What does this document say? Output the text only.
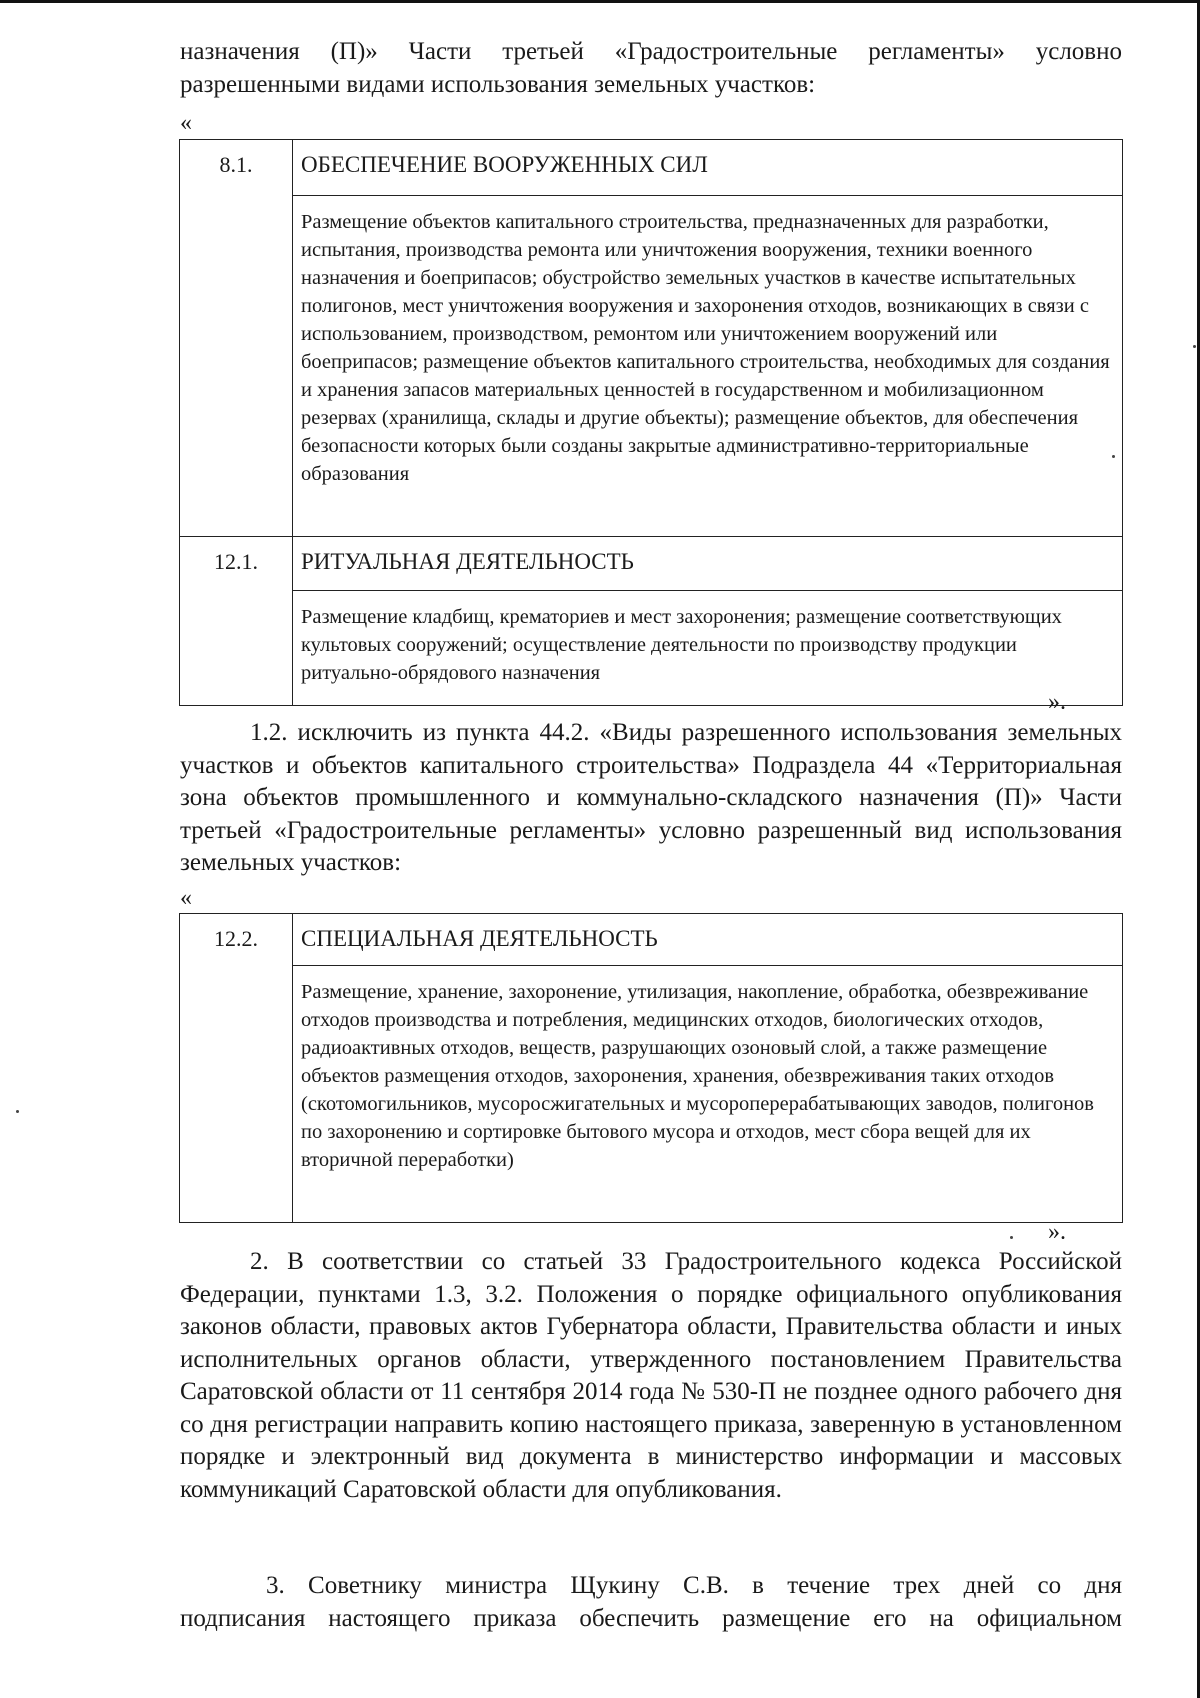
назначения (П)» Части третьей «Градостроительные регламенты» условно

разрешенными видами использования земельных участков:

«
8.1.	ОБЕСПЕЧЕНИЕ ВООРУЖЕННЫХ СИЛ
	Размещение объектов капитального строительства, предназначенных для разработки, испытания, производства ремонта или уничтожения вооружения, техники военного назначения и боеприпасов; обустройство земельных участков в качестве испытательных полигонов, мест уничтожения вооружения и захоронения отходов, возникающих в связи с использованием, производством, ремонтом или уничтожением вооружений или боеприпасов; размещение объектов капитального строительства, необходимых для создания и хранения запасов материальных ценностей в государственном и мобилизационном резервах (хранилища, склады и другие объекты); размещение объектов, для обеспечения безопасности которых были созданы закрытые административно-территориальные образования
12.1.	РИТУАЛЬНАЯ ДЕЯТЕЛЬНОСТЬ
	Размещение кладбищ, крематориев и мест захоронения; размещение соответствующих культовых сооружений; осуществление деятельности по производству продукции ритуально-обрядового назначения
».

1.2. исключить из пункта 44.2. «Виды разрешенного использования земельных участков и объектов капитального строительства» Подраздела 44 «Территориальная зона объектов промышленного и коммунально-складского назначения (П)» Части третьей «Градостроительные регламенты» условно разрешенный вид использования земельных участков:

«
12.2.	СПЕЦИАЛЬНАЯ ДЕЯТЕЛЬНОСТЬ
Размещение, хранение, захоронение, утилизация, накопление, обработка, обезвреживание отходов производства и потребления, медицинских отходов, биологических отходов, радиоактивных отходов, веществ, разрушающих озоновый слой, а также размещение объектов размещения отходов, захоронения, хранения, обезвреживания таких отходов (скотомогильников, мусоросжигательных и мусороперерабатывающих заводов, полигонов по захоронению и сортировке бытового мусора и отходов, мест сбора вещей для их вторичной переработки)
».

2. В соответствии со статьей 33 Градостроительного кодекса Российской Федерации, пунктами 1.3, 3.2. Положения о порядке официального опубликования законов области, правовых актов Губернатора области, Правительства области и иных исполнительных органов области, утвержденного постановлением Правительства Саратовской области от 11 сентября 2014 года № 530-П не позднее одного рабочего дня со дня регистрации направить копию настоящего приказа, заверенную в установленном порядке и электронный вид документа в министерство информации и массовых коммуникаций Саратовской области для опубликования.

3. Советнику министра Щукину С.В. в течение трех дней со дня

подписания настоящего приказа обеспечить размещение его на официальном
